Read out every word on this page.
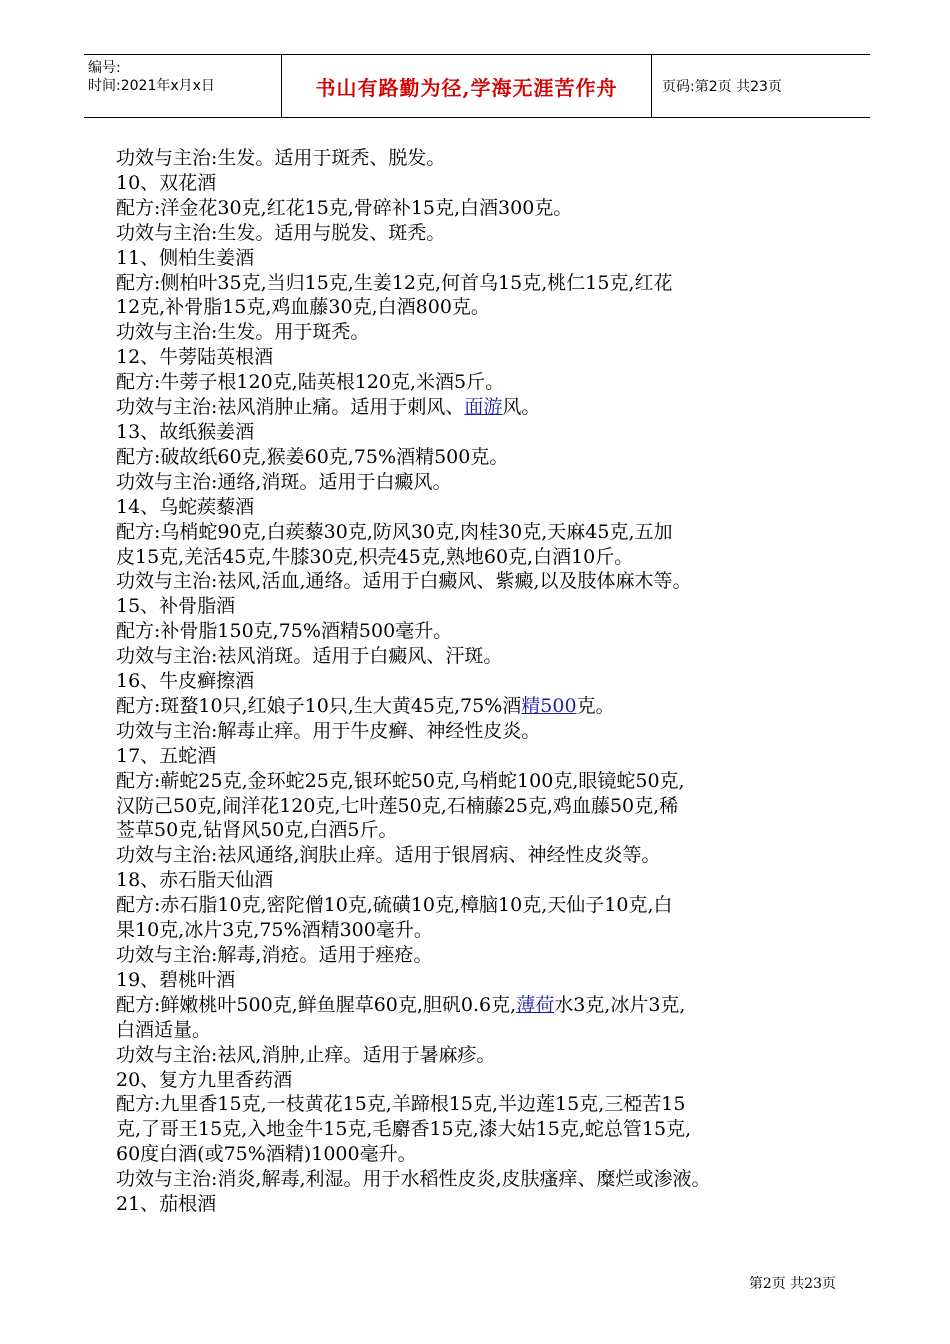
编号:
时间:2021年x月x日	书山有路勤为径,学海无涯苦作舟	页码:第2页 共23页

功效与主治:生发。适用于斑秃、脱发。

10、双花酒

配方:洋金花30克,红花15克,骨碎补15克,白酒300克。

功效与主治:生发。适用与脱发、斑秃。

11、侧柏生姜酒

配方:侧柏叶35克,当归15克,生姜12克,何首乌15克,桃仁15克,红花

12克,补骨脂15克,鸡血藤30克,白酒800克。

功效与主治:生发。用于斑秃。

12、牛蒡陆英根酒

配方:牛蒡子根120克,陆英根120克,米酒5斤。

功效与主治:祛风消肿止痛。适用于刺风、面游风。

13、故纸猴姜酒

配方:破故纸60克,猴姜60克,75%酒精500克。

功效与主治:通络,消斑。适用于白癜风。

14、乌蛇蒺藜酒

配方:乌梢蛇90克,白蒺藜30克,防风30克,肉桂30克,天麻45克,五加

皮15克,羌活45克,牛膝30克,枳壳45克,熟地60克,白酒10斤。

功效与主治:祛风,活血,通络。适用于白癜风、紫癜,以及肢体麻木等。

15、补骨脂酒

配方:补骨脂150克,75%酒精500毫升。

功效与主治:祛风消斑。适用于白癜风、汗斑。

16、牛皮癣擦酒

配方:斑蝥10只,红娘子10只,生大黄45克,75%酒精500克。

功效与主治:解毒止痒。用于牛皮癣、神经性皮炎。

17、五蛇酒

配方:蕲蛇25克,金环蛇25克,银环蛇50克,乌梢蛇100克,眼镜蛇50克,

汉防己50克,闹洋花120克,七叶莲50克,石楠藤25克,鸡血藤50克,稀

莶草50克,钻肾风50克,白酒5斤。

功效与主治:祛风通络,润肤止痒。适用于银屑病、神经性皮炎等。

18、赤石脂天仙酒

配方:赤石脂10克,密陀僧10克,硫磺10克,樟脑10克,天仙子10克,白

果10克,冰片3克,75%酒精300毫升。

功效与主治:解毒,消疮。适用于痤疮。

19、碧桃叶酒

配方:鲜嫩桃叶500克,鲜鱼腥草60克,胆矾0.6克,薄荷水3克,冰片3克,

白酒适量。

功效与主治:祛风,消肿,止痒。适用于暑麻疹。

20、复方九里香药酒

配方:九里香15克,一枝黄花15克,羊蹄根15克,半边莲15克,三椏苦15

克,了哥王15克,入地金牛15克,毛麝香15克,漆大姑15克,蛇总管15克,

60度白酒(或75%酒精)1000毫升。

功效与主治:消炎,解毒,利湿。用于水稻性皮炎,皮肤瘙痒、糜烂或渗液。

21、茄根酒

第2页 共23页
